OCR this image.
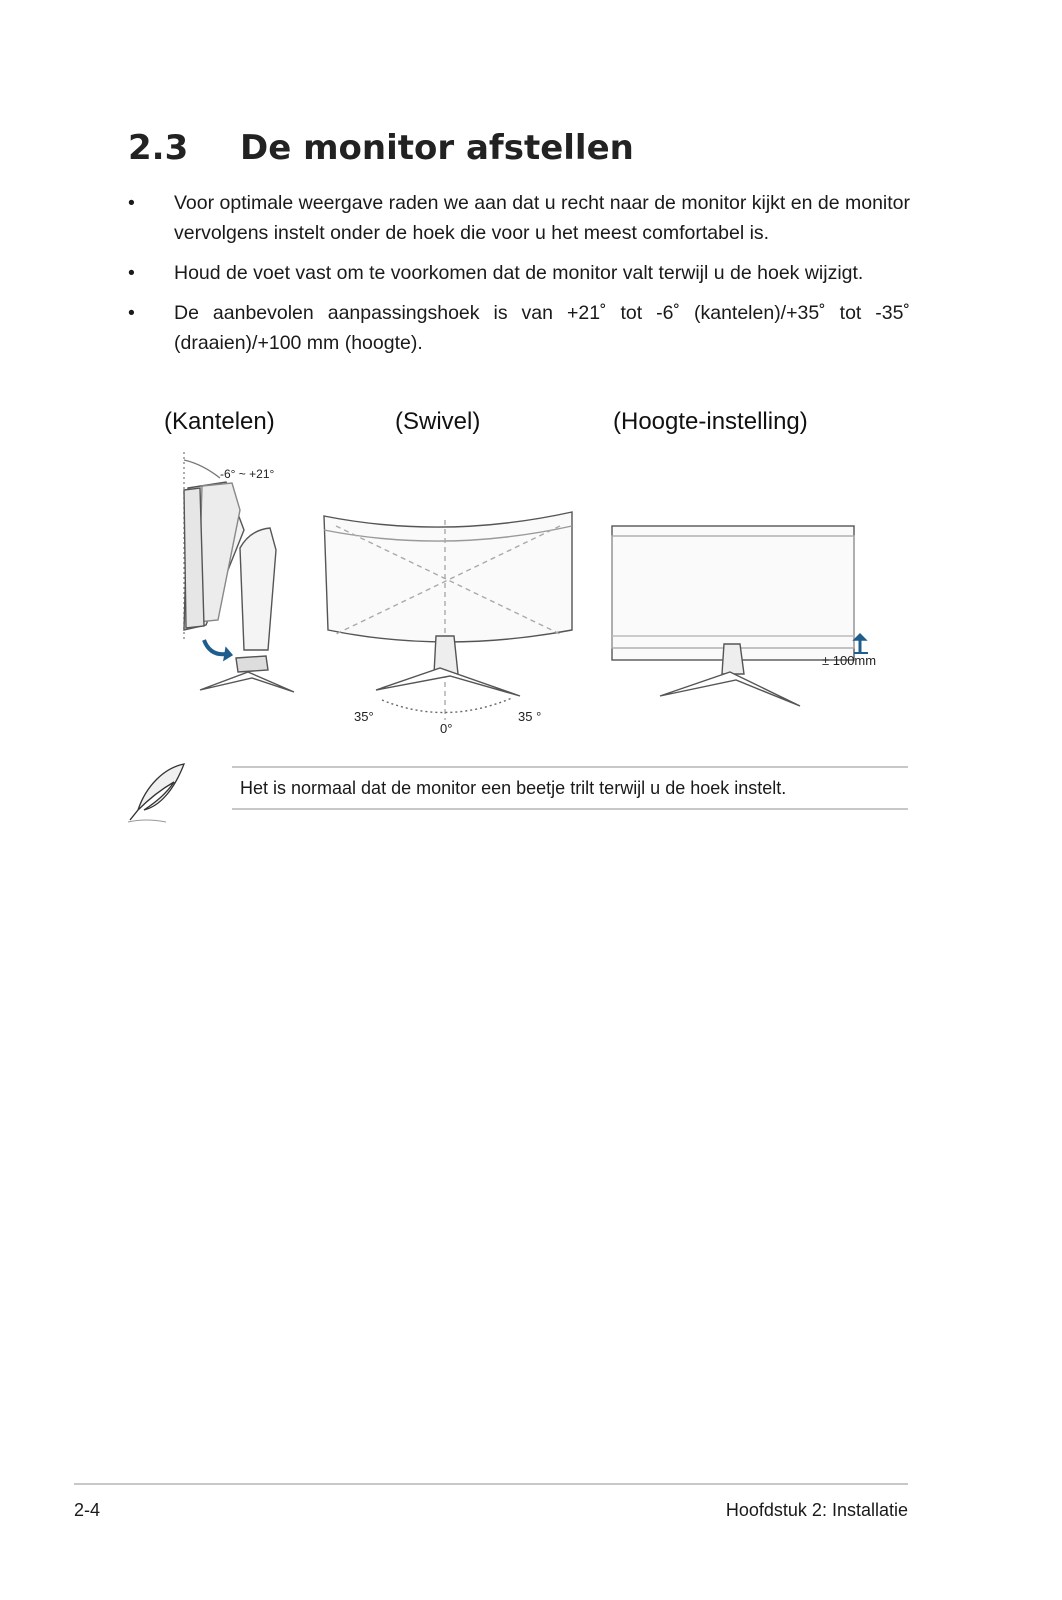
2.3 De monitor afstellen
• Voor optimale weergave raden we aan dat u recht naar de monitor kijkt en de monitor vervolgens instelt onder de hoek die voor u het meest comfortabel is.
• Houd de voet vast om te voorkomen dat de monitor valt terwijl u de hoek wijzigt.
• De aanbevolen aanpassingshoek is van +21˚ tot -6˚ (kantelen)/+35˚ tot -35˚ (draaien)/+100 mm (hoogte).
(Kantelen)	(Swivel)	(Hoogte-instelling)
-6° ~ +21°
35°
0°
35 °
± 100mm
Het is normaal dat de monitor een beetje trilt terwijl u de hoek instelt.
2-4	Hoofdstuk 2: Installatie
